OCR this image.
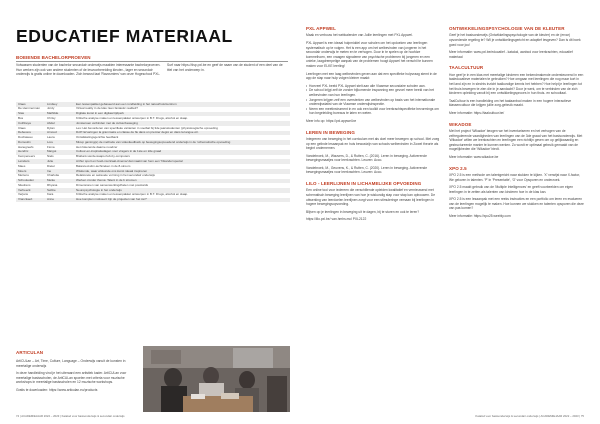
EDUCATIEF MATERIAAL
BOEIENDE BACHELORPROEVEN
Volwassen studenten van de bachelor secundair onderwijs maakten interessante bachelorproeven. Hun werken zijn ook van andere studenten of de lesvoorbereiding kleuter-, lager en secundair onderwijs is gratis online te downloaden. Zich bewust laat 'Ravosmiers' van onze Hogeschool PXL.
Surf naar https://dsp.pxl.be en geef de naam van de student of een deel van de titel van het onderwerp in.
Claes	Lindsey	Een lessenpakket gebaseerd aan een rondleiding in het natuurhuis/centrum
De Hemmerman	Jordy	Virtual reality in de klas: Een fantastic realiteit?
Stas	Mathilde	Digitale kunst in een digitaal tijdperk
Bos	Chrisy	Kritische analyse maken en lessenpakket ontwerpen in B.T. Drugs, alcohol en slaap.
Cuthbeya	Abdel	Jonsiensen verbinden met de cultuurbeweging
Claes	Dylan	Les: Het bevorderen van specifieke varianten in voetbal bij 3de jaarsstudenten (physioloogische opvoeding
Debevere	Arnoud	DxPr Ervaringen la grammaire en classe de fle dans un premier degré en dans la langue étr.
Duchateau	Laura	Ontwikkelingsgerichte feedback
Dumoulin	Lore	Mixup gaming(e) de methode van videofeedback op bewegingsopvoedend onderwijs in de 'schematische opvoeding
Hanegreefs	Fiona	Het riskerende daarne noodzer
Hendrix	Margot	Cultuur-en-inspiratiedagen voor vragers in de 1ste en 2de graad
Kempeneers	Niels	Brabant-vierde-kaaps-hub-by-computers
Leinders	Julie	Arthur sport en hoelt-muzicaal-cinema/ dat maakt van hem een 'frikandel special
Maes	Dieter	Balanced-slim-technieken in de 8-stroom
Moers	Ine	Wiskunde, waar wiskunde ons kunst ideaal inspireren
Mertens	Charlotte	Relationele en seksuele vorming in het secundair onderwijs
Schouteden	Meike	Werken zonder thema: Talent in de b stromen
Sliedrens	Rhyana	Dimensionen van samenwerkingdhelen met postcards
Verbeeck	Sebbe	Neuropsychologie in het onderwijs
Verjans	Kara	Kritische analyse maken en lessenpakket ontwerpen in B.T. Drugs, alcohol en slaap.
Vranckaert	Anne	Hoe komplen motiveert zijn de projecten van het ion?
ARTICULAN

ArtiCULan – Art, Time, Culture, Language – Onderwijs vanuit de kunsten in meertalige onderwijs

In deze handleiding vind je het uiteraard een artistiek kader. ArtiCULan voor meertalige basisscholen, de ArtiCULan spoelen met criteria voor muzische workshops in meertalige basisscholen en 12 muzische workshops.

Gratis te downloaden: https://www.articulan.eu/products

74 | ACADEMIEJAAR 2022 – 2023 | Katalod voor basisonderwijs & secundair onderwijs
PXL APPWEL

Maak en verbouw het webkalender van Jullie leerlingen met PXL Appwel.

PXL Appwel is een ideaal hulpmiddel voor scholen om het opdoeken van leerlingen systematisch op te volgen. Het is een app om het welbevinden van jongeren in het secundair onderwijs te meten en te verhogen. Door in te spelen op de hoofdze kommelhoen, een vraagen signaleme van psychische problemen bij jongeren en een unieke, laagdrempelige aanpak van de problemen hoogt Appwel het verschil te kunnen maken voor ELKE leerling!

Leerlingen met een laag welbevinden geven aan dat een specifieke hulpvraag stemt in de app de stap naar hulp volgen kleiner maakt:

• Hoeveel PXL beeld PXL Appwel stelt aan alle Vlaamse secundaire scholen aan.
• De school krijgt zelf de zonder bijkomende inspanning een gevoel meer beeld van het welbevinden van hun leerlingen.
• Jongeren krijgen zelf een oversterken van welbevinden op basis van het internationale onderwijsstatist van de Vlaamse onderwijsinspectie.
• Neem een meetinstrument in en ook een toolkit voor leerkrachtspecifieke bevormings om hun begeleiding bureaus te laten en weten.

Meer info op: https://pxl.appwel.be

LEREN IN BEWEGING

Integreren van beweging in het curriculum met als doel meer bewegen op school. Met zoeg op een gelinde lesaanpak en huis bewustzijn van schools welbevinden in Zowel theorie als begint ondernemen.

Vandebroek, M., Wauvers, D., & Rutten, C. (2016). Leren in beweging. Activerende bewegingsmaatjes voor leerkrachten. Leuven: Acco.

Vandebroek, M., Geuvens, K., & Rutten, C. (2020). Leren in beweging. Activerende bewegingsmaatjes voor leerkrachten. Leuven: Acco.

LILO - LEERLIJNEN IN LICHAMELIJKE OPVOEDING

Een online tool voor iedereen die verschillende opleiden kwalitatief en vernieuwend met schematisch beweging leerlijnen van hoe je wiskundig stap voor stap kan opbouwen. De uitwerking van leerdoelen leerlijnen zorgt voor een stimuleringe vernaan bij leerlingen in hogere bewegingsopvoeding.

Blijven op je leerlingen in beweging uit te dagen, bij te sturen en ook te leren?

https://lilo.pxl.be/ van.hmhs.mcl PXL2122

ONTWIKKELINGSPSYCHOLOGIE VAN DE KLEUTER

Geef je het basisonderwijs (Ontwikkelingspsychologie van de kleuter) en de (ervar) opvoedende regeling te? Wil je ontwikkelingsgericht en adaptief lesgeven? Dan is dit boek goed voor jou!

Meer informatie: www.pxl.be/educatief - katalod, aanbod voor leerkrachten, educatief materiaal

TAALCULTUUR

Hoe geef je in een klas met meertalige kinderen een bekendmakende ondersteunend in een taaleducatieve materialen te gebruiken? Hoe omgaan met leerlingen die nog maar kort in het land zijn en in slechts inzicht taalkundige kennis het hebben? Hoe helpt je leerlingen tot het thuis bewegen te zien die in je aandacht? Door je werk, om te verbinden van de zich kinderen opleiding vanuit bij een ontwikkelingsproces in hun thuis- en schooltaal.

TaalCultuur is een handleiding om het taalaanbod maken in een hogere interactieve klassencultuur die krijgen jullie zorg-gebruik maakt.

Meer informatie: https://taalcultuur.be/

WIKADOE

Met het project 'Wikadoe' beogen we het inventariseren en het verhogen van de zelfregulerende vaardigheden van leerlingen van de 3de graad van het basisonderwijs. Met 'Wikadoe' willen we leerkrachten en leerlingen een richtlijn geven om op gelijkwaardig en gestructureerde manier te kunnen werken. Zo wordt er optimaal gebruik gemaakt van de mogelijkheden die 'Wikadoe' biedt.

Meer informatie: www.wikadoe.be

XPO 2.5

XPO 2.5 is een methode om talentgericht naar stukken te kijken. 'X' verwijst naar X-factor, We geloven in talenten. 'P' in 'Presentatie', 'O' voor Opsporen en onderzoek.

XPO 2.5 maakt gebruik van de 'Multiple Intelligences' en geeft voorbeelden om eigen leerlingen in te zetten als talenten van kinderen hoe in de klas kan.

XPO 2.5 is een lesaanpak met een reeks instructies en een portfolio om leren en evalueren van de leerlingen mogelijk te maken. Hoe kunnen we stukken en talenten opsporen die deze van pas komen?

Meer informatie: https://xpo25.weebly.com

Katalod voor basisonderwijs & secundair onderwijs | ACADEMIEJAAR 2022 – 2023 | 75
